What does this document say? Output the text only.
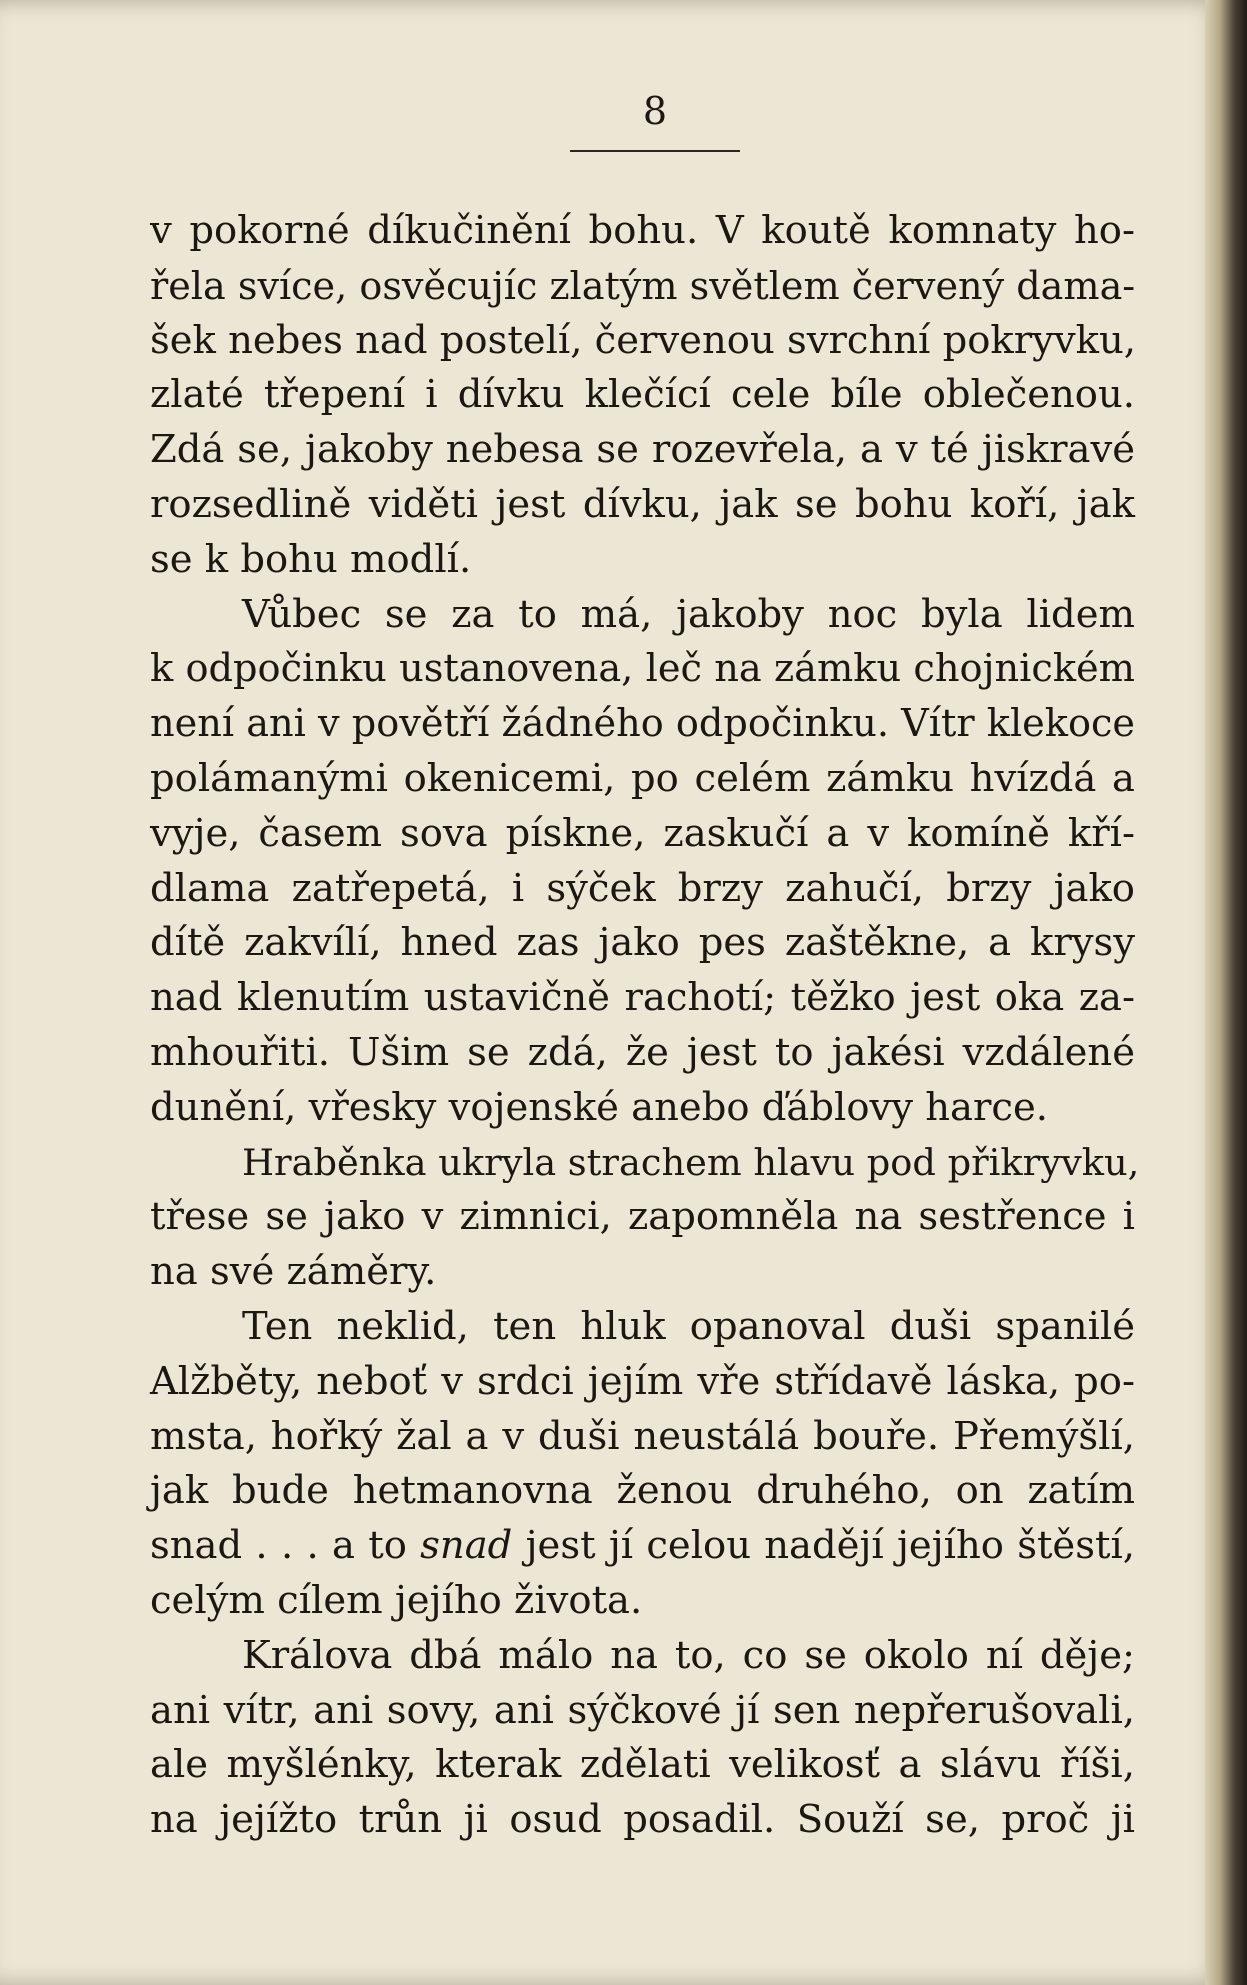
8
v pokorné díkučinění bohu. V koutě komnaty ho-
řela svíce, osvěcujíc zlatým světlem červený dama-
šek nebes nad postelí, červenou svrchní pokryvku,
zlaté třepení i dívku klečící cele bíle oblečenou.
Zdá se, jakoby nebesa se rozevřela, a v té jiskravé
rozsedlině viděti jest dívku, jak se bohu koří, jak
se k bohu modlí.
Vůbec se za to má, jakoby noc byla lidem
k odpočinku ustanovena, leč na zámku chojnickém
není ani v povětří žádného odpočinku. Vítr klekoce
polámanými okenicemi, po celém zámku hvízdá a
vyje, časem sova pískne, zaskučí a v komíně kří-
dlama zatřepetá, i sýček brzy zahučí, brzy jako
dítě zakvílí, hned zas jako pes zaštěkne, a krysy
nad klenutím ustavičně rachotí; těžko jest oka za-
mhouřiti. Ušim se zdá, že jest to jakési vzdálené
dunění, vřesky vojenské anebo ďáblovy harce.
Hraběnka ukryla strachem hlavu pod přikryvku,
třese se jako v zimnici, zapomněla na sestřence i
na své záměry.
Ten neklid, ten hluk opanoval duši spanilé
Alžběty, neboť v srdci jejím vře střídavě láska, po-
msta, hořký žal a v duši neustálá bouře. Přemýšlí,
jak bude hetmanovna ženou druhého, on zatím
snad . . . a to snad jest jí celou nadějí jejího štěstí,
celým cílem jejího života.
Králova dbá málo na to, co se okolo ní děje;
ani vítr, ani sovy, ani sýčkové jí sen nepřerušovali,
ale myšlénky, kterak zdělati velikosť a slávu říši,
na jejížto trůn ji osud posadil. Souží se, proč ji
